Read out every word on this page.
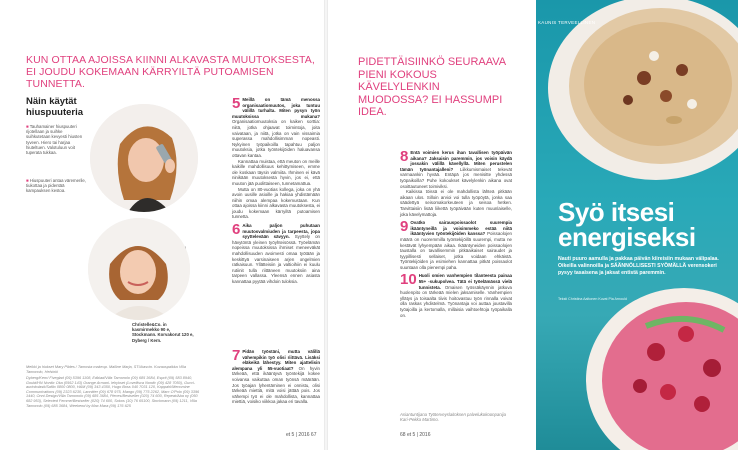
KUN OTTAA AJOISSA KIINNI ALKAVASTA MUUTOKSESTA, EI JOUDU KOKEMAAN KÄRRYILTÄ PUTOAMISEN TUNNETTA.
Näin käytät hiuspuuteria
■ Tauhamainer hiuspuuteri rijotellaan ja suihke suihkutetaan kevyesti hiusten tyveen. Hiero tai harjaa hiuteltuen. Valotuluun voit tuperata tukkaa.
■ Hiuspuuteri antaa väremerile, tiukottaa ja pidentää kampauksen kestoa.
Christelle&Co. in kasmirmekko 90 e, Stockmann. Korvakorut 120 e, Dyberg / Kern.
Meikki ja hiukset Mary Pildes / Tamosta makeup. Malline Marja, STUkasvin. Kuvauspaikka Villa Tamonolo, Helsinki
Dyberg/Kern/ Fiveglad (09) 5396 1108, Edblad/Villa Tamonolo (09) 685 3684, Esprit (09) 583 8940, Gould/HN Nordic Oka (0562 143) Orange Armani- lehykset (Lovellisca Nordic (09) 428 7050), Gucci-aurinkolasit/Safilo 0800 0800, H&M (09) 343 4350, Hugo Boss 040 7031 120, Kappahl/Menomine Communications (09) 2323 6230, Lannitter (09) 678 975, Mango (09) 775 2262, Marc O'Polo (09) 3396 1440, Onni Design/Villa Tamonolo (09) 685 3684, Pieces/Bestseller (020) 74 600, Repeat/Aba oy (050 682 953), Selected Femme/Bestseller (020) 74 600, Sokos (10) 76 65100, Stockmann (09) 1211, Villa Tamonolo (09) 685 3684, Weekend by Max Mara (09) 176 625

5 Meillä on tämä menossa organisaatiomuutos, joka tuntuu välillä turhalta. Miten pysyn työn muutoksissa mukana? Organisaatiomuutoksia on kaiken sorttia: niitä, jotka ohjaavat toimintoja, joita vaivataan, ja niitä, jotka on vain vissaimia superassa mahdollisimman nopeasti. Nykyinen työpaikoilla tapahtuu paljon muutoksia, jotka työntekijöiden haluavansa ottavan kantaa.

Kannattaa muistaa, että meuton on meille kaikille mahdollisuus kehittymiseen, emme ole koskaan täysin valmiita. Ihminen ei kävä ninikään muutoksesta hyvin, jos ei, että muuton jää puolittaiseen, tunnetamattua.

Mutta on 80-vuotias kollega, joka on yhä avoin uusille asioille ja hakiaa yhdistämään niihin omaa alempaa kokemustaan. Kun ottaa ajoissa kiinni alkavasta muutoksesta, ei joudu kokemaan kärryiltä putoamisen tunnetta.

6 Aika paljon puhutaan muutosvalmiuden ja tarpeesta, jopa syyttelevään sävyyn. Syyttely on hävytöntä yleinen työyhteisössä. Työelämän nopeissa muutoksissa ihmiset meneeväkät mahdollisuuden avoimesti omaa työtään ja keskittyä varsinaiseen arjen ongelmien ratkaisuun. Yllätteisiin ja valtioihiin ei kuulu rutiinit tulla riittäneen muutoksiin aina tarpeen vallassa. Yleensä ennen asiasta kannattaa pyytää vihdoin tuloksia.

et 5 | 2016 67

7 Pidän työstäni, mutta välillä vähempikin työ olisi riittävä. Lisäksi eläkeikä lähestyy. Miten ajattelisin alempana yli 55-vuotiaat? On hyvin tärkeää, että ikääntyvä työntekijä kokee voivansa vaikuttaa oman työnsä määrään. Jos työajan lyhentäminen ei onnistu, olisi tärkeää miettiä, mitä voisi jättää pois. Jos vähempi työ ei ole mahdollista, kannattaa miettiä, voisiko viikkoa jakaa eri tavalla.

PIDETTÄISIINKÖ SEURAAVA PIENI KOKOUS KÄVELYLENKIN MUODOSSA? EI HASSUMPI IDEA.

8 Entä voimien kerus ihan tavallisen työpäivän aikana? Jaksaisin paremmin, jos voisin käydä jossakin välillä kävellyllä. Miten perustelen tämän työnantajalleni? Liikkumismaiset tekevät varmaankin hyvää. Entäpä jos menisitte yhdessä työpaikoilla? Puhe kokoukset kävelylenkin aikana ovat osoittautuneet toimiviksi.

Kaikissa töissä ei ole mahdollista lähteä pitkään aikaan ulos. Silloin arvioi voi tulla työpöytä, jonka saa säädettyä seisomakorkeuteen ja seisoa hetken. Tarvittaisiin lisää liikettä työpäivään kuten muunlaiselle, joka kävelymattoja.

9 Ovatko sairauspoissaolot suurempia ikääntyneillä ja voisimmeko estää niitä ikääntyvien työntekijöiden kanssa? Poissaolojen määrä on nuoremmilla työntekijöillä suurempi, mutta ne kestävät lyhyempään aikaa. Ikääntyneiden poissaolojen taustalla on tavallisemmin pitkäaikaiset sairaudet ja tyypillisesti sellaiset, jotka voidaan ehkäistä. Työntekijöiden ja esimiehen kannattaa pitkät poissaolot suuntaan olla pienempi paha.

10 Huoli omien vanhempien tilanteesta painaa 55+ -sukupolvea. Tätä ei työelämässä vielä tunnisteta. Omaisen työssäkäynnin jatkuva huolenpito on tärkeää mielen jaksamiselle. Vanhempien yllätys ja toisaalta tiivis hoitovastuu työn rinnalla voivat olla raskas yhdistelmä. Työnantaja voi auttaa joustavilla työajoilla ja kertomalla, millaisia vaihtoehtoja työpaikalla on.

Asiantuntijana Työterveyslaitoksen palvelukokoonpanija Kari-Pekka Martimo.
68 et 5 | 2016
KAUNIS TERVEELLINEN
Syö itsesi energiseksi
Nauti puuro aamulla ja pakkaa päivän kiireisiin mukaan välipalaa. Oikeilla valinnoilla ja SÄÄNNÖLLISESTI SYÖMÄLLÄ verensokeri pysyy tasaisena ja jaksat entistä paremmin.
Teksti Christina Aaltonen Kuvat Pia Arnould
